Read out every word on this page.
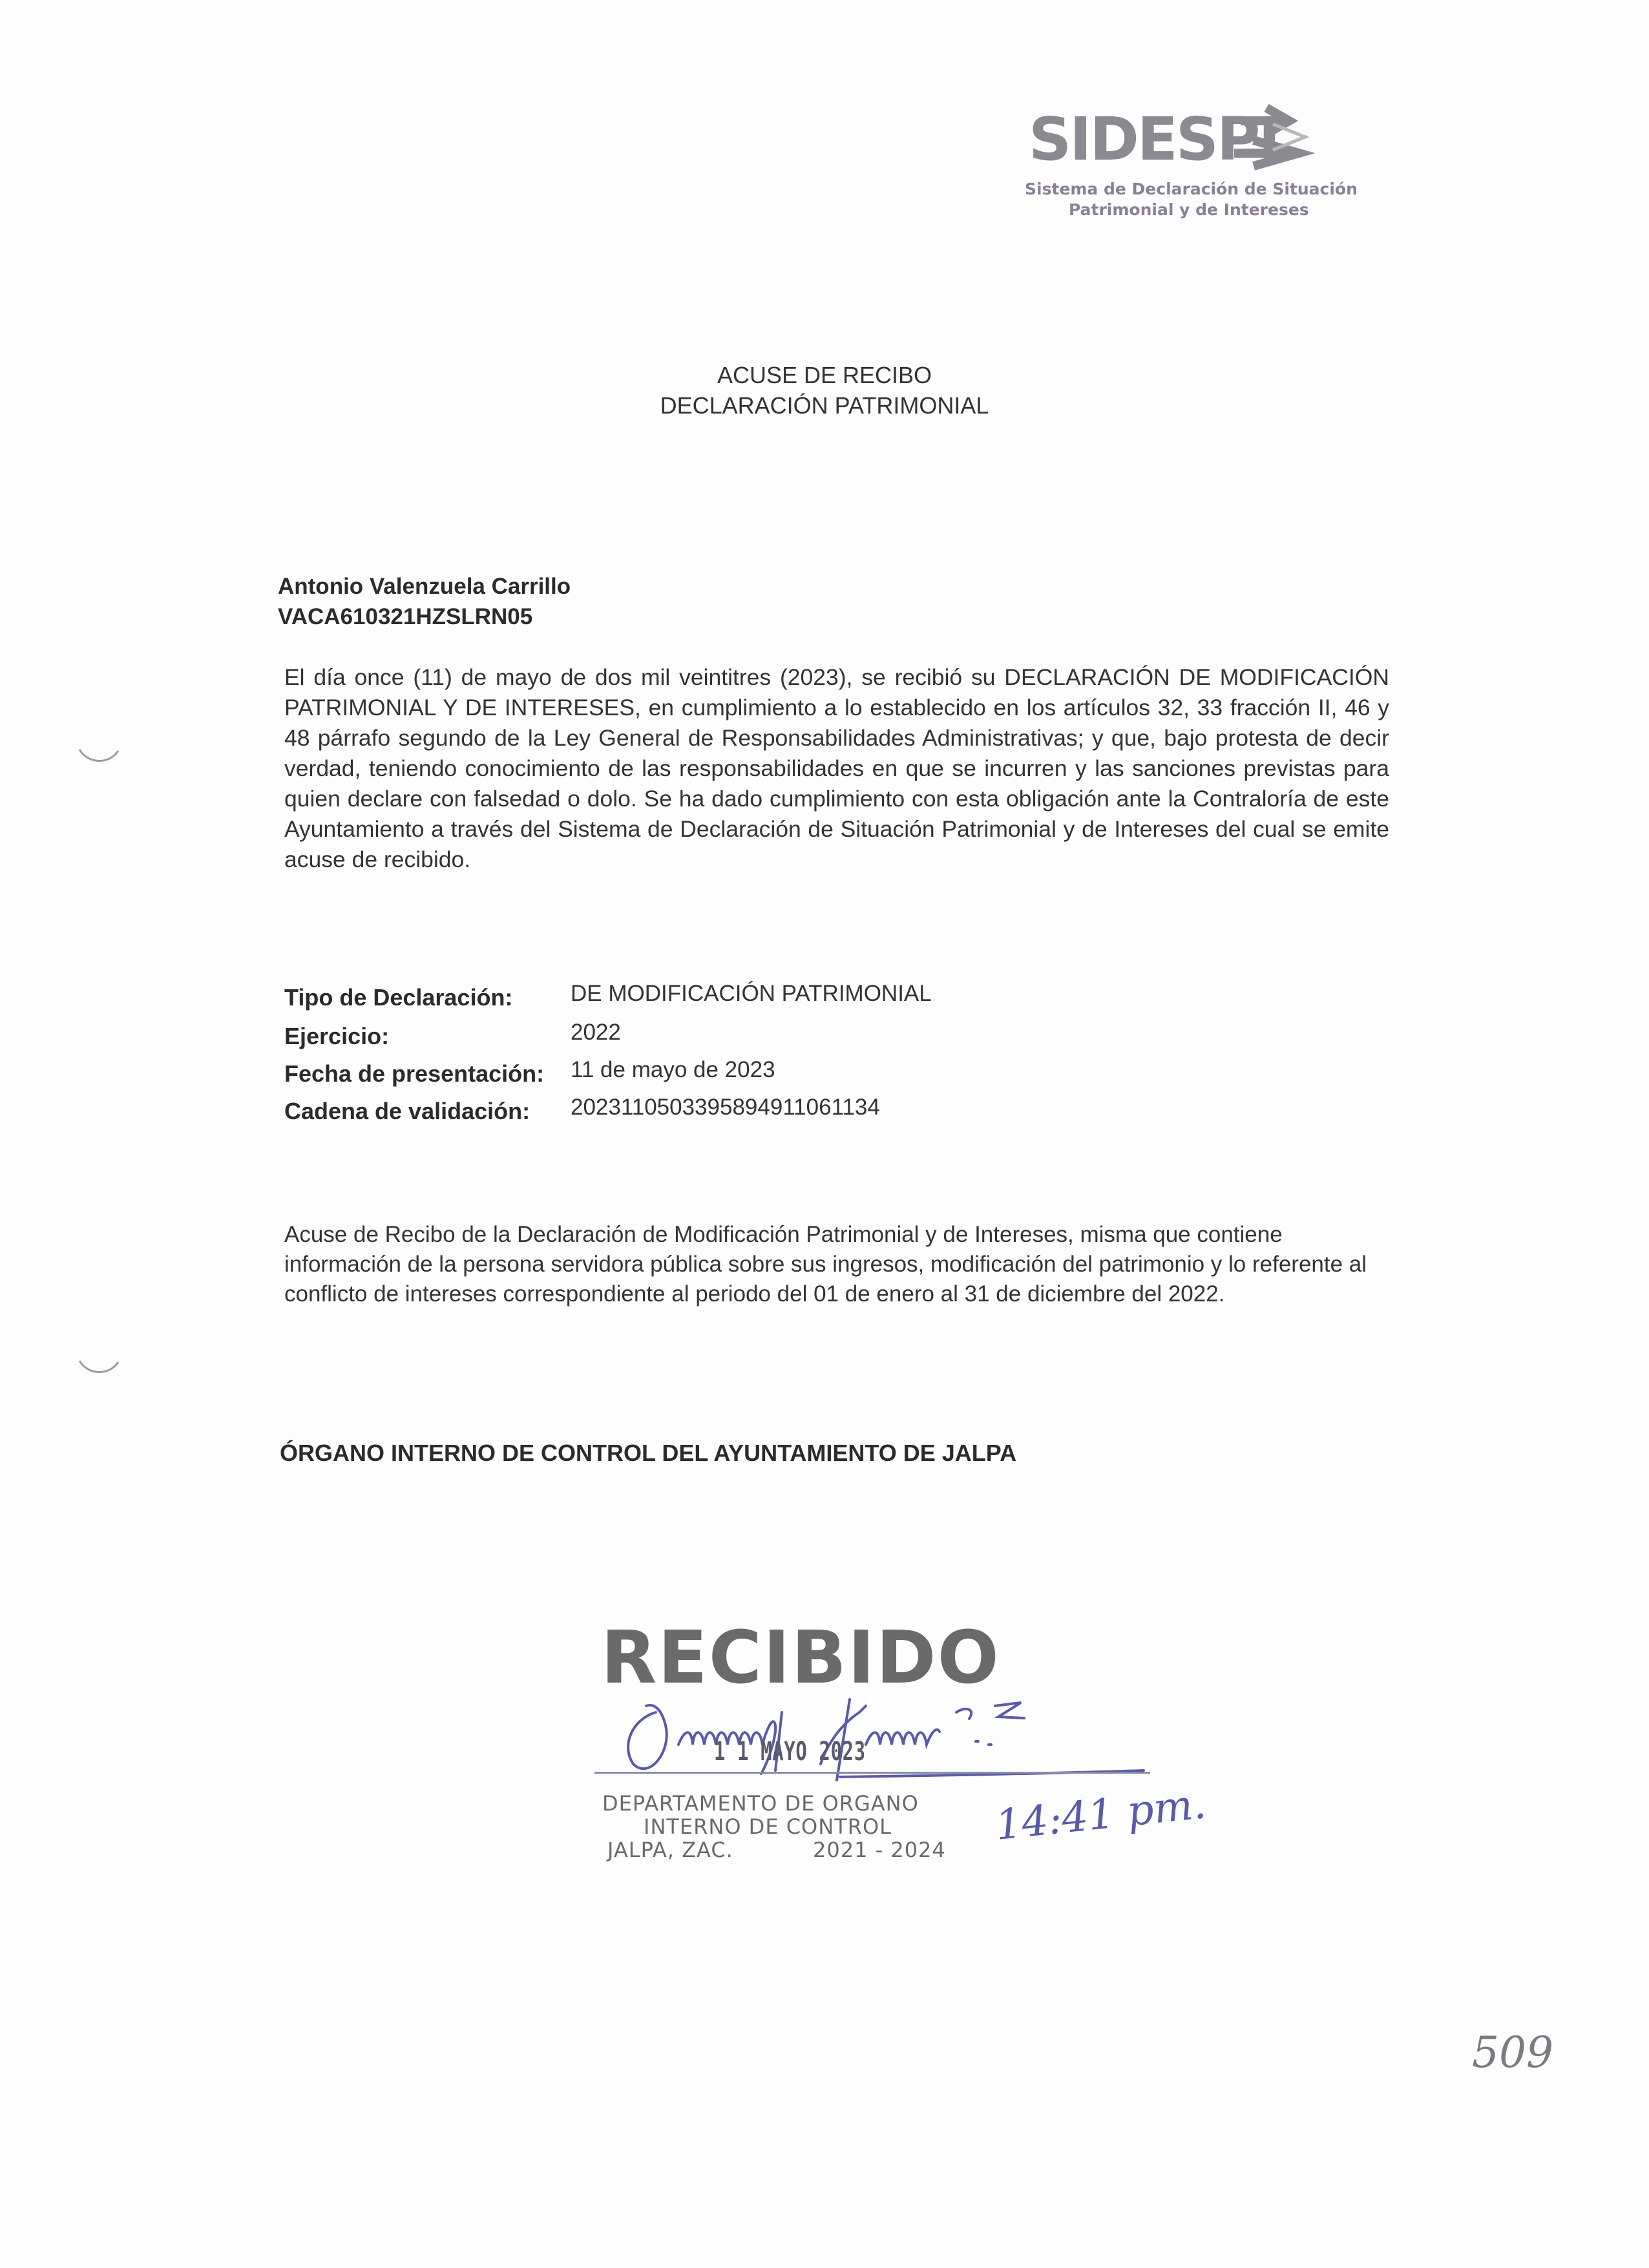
SIDESPI
Sistema de Declaración de Situación
Patrimonial y de Intereses
ACUSE DE RECIBO
DECLARACIÓN PATRIMONIAL
Antonio Valenzuela Carrillo
VACA610321HZSLRN05
El día once (11) de mayo de dos mil veintitres (2023), se recibió su DECLARACIÓN DE MODIFICACIÓN PATRIMONIAL Y DE INTERESES, en cumplimiento a lo establecido en los artículos 32, 33 fracción II, 46 y 48 párrafo segundo de la Ley General de Responsabilidades Administrativas; y que, bajo protesta de decir verdad, teniendo conocimiento de las responsabilidades en que se incurren y las sanciones previstas para quien declare con falsedad o dolo. Se ha dado cumplimiento con esta obligación ante la Contraloría de este Ayuntamiento a través del Sistema de Declaración de Situación Patrimonial y de Intereses del cual se emite acuse de recibido.
Tipo de Declaración:	DE MODIFICACIÓN PATRIMONIAL
Ejercicio:	2022
Fecha de presentación: 11 de mayo de 2023
Cadena de validación: 20231105033958949110611​34
Acuse de Recibo de la Declaración de Modificación Patrimonial y de Intereses, misma que contiene información de la persona servidora pública sobre sus ingresos, modificación del patrimonio y lo referente al conflicto de intereses correspondiente al periodo del 01 de enero al 31 de diciembre del 2022.
ÓRGANO INTERNO DE CONTROL DEL AYUNTAMIENTO DE JALPA
RECIBIDO
1 1 MAYO 2023
DEPARTAMENTO DE ORGANO
INTERNO DE CONTROL
JALPA, ZAC.	2021 - 2024
14:41 pm.
509
